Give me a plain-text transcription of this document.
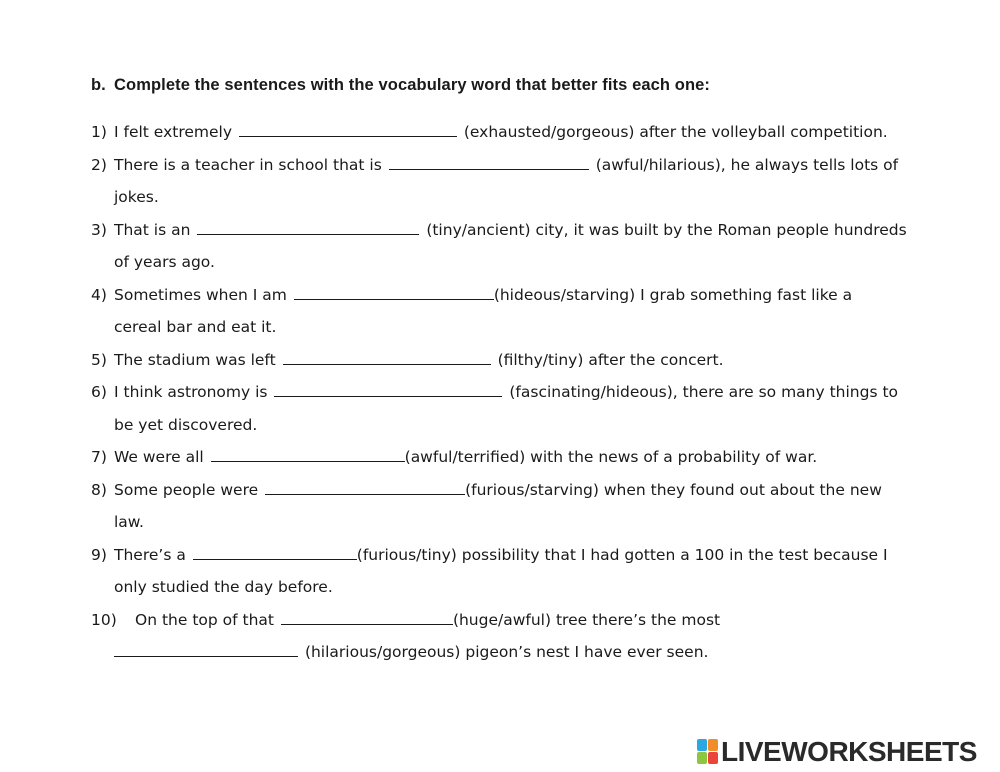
b. Complete the sentences with the vocabulary word that better fits each one:
1) I felt extremely	(exhausted/gorgeous) after the volleyball competition.
2) There is a teacher in school that is	(awful/hilarious), he always tells lots of
jokes.
3) That is an	(tiny/ancient) city, it was built by the Roman people hundreds
of years ago.
4) Sometimes when I am	(hideous/starving) I grab something fast like a
cereal bar and eat it.
5) The stadium was left	(filthy/tiny) after the concert.
6) I think astronomy is	(fascinating/hideous), there are so many things to
be yet discovered.
7) We were all	(awful/terrified) with the news of a probability of war.
8) Some people were	(furious/starving) when they found out about the new
law.
9) There’s a	(furious/tiny) possibility that I had gotten a 100 in the test because I
only studied the day before.
10) On the top of that	(huge/awful) tree there’s the most
(hilarious/gorgeous) pigeon’s nest I have ever seen.
LIVEWORKSHEETS
